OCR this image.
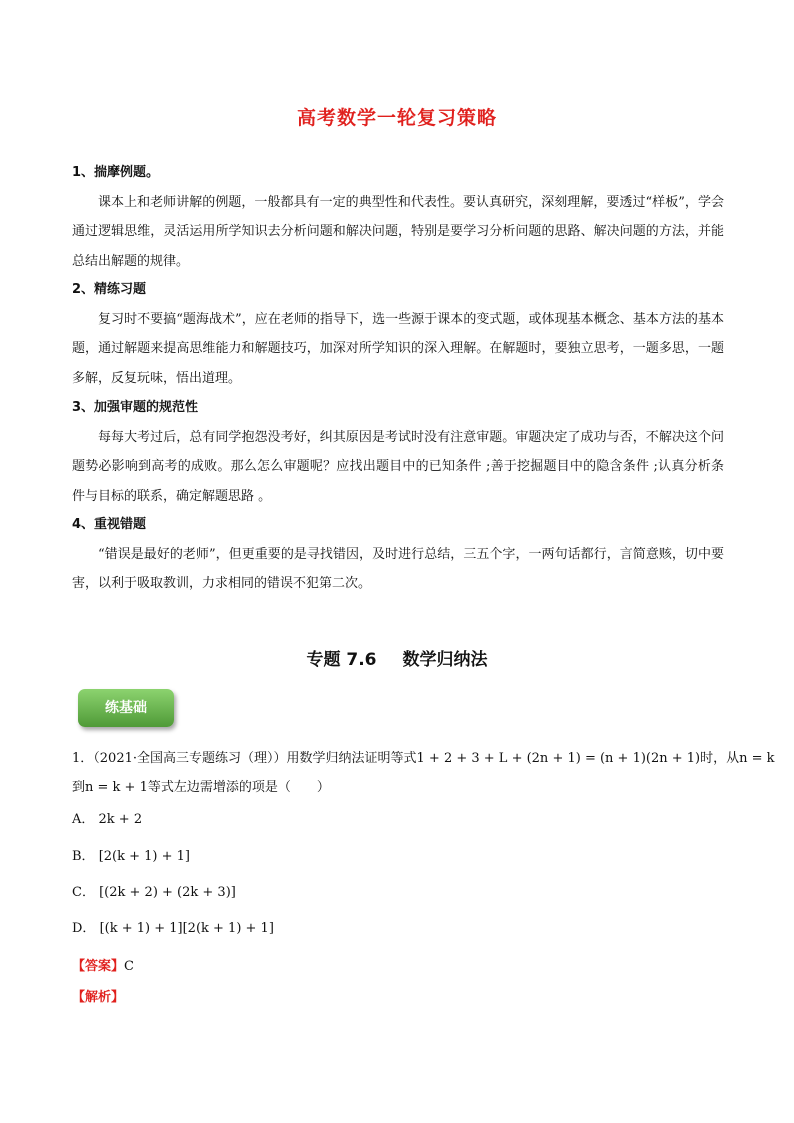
高考数学一轮复习策略
1、揣摩例题。
课本上和老师讲解的例题，一般都具有一定的典型性和代表性。要认真研究，深刻理解，要透过“样板”，学会通过逻辑思维，灵活运用所学知识去分析问题和解决问题，特别是要学习分析问题的思路、解决问题的方法，并能总结出解题的规律。
2、精练习题
复习时不要搞“题海战术”，应在老师的指导下，选一些源于课本的变式题，或体现基本概念、基本方法的基本题，通过解题来提高思维能力和解题技巧，加深对所学知识的深入理解。在解题时，要独立思考，一题多思，一题多解，反复玩味，悟出道理。
3、加强审题的规范性
每每大考过后，总有同学抱怨没考好，纠其原因是考试时没有注意审题。审题决定了成功与否，不解决这个问题势必影响到高考的成败。那么怎么审题呢？应找出题目中的已知条件 ;善于挖掘题目中的隐含条件 ;认真分析条件与目标的联系，确定解题思路 。
4、重视错题
“错误是最好的老师”，但更重要的是寻找错因，及时进行总结，三五个字，一两句话都行，言简意赅，切中要害，以利于吸取教训，力求相同的错误不犯第二次。
专题 7.6 数学归纳法
练基础
1．（2021·全国高三专题练习（理））用数学归纳法证明等式1 + 2 + 3 + L + (2n + 1) = (n + 1)(2n + 1)时，从n = k
到n = k + 1等式左边需增添的项是（　　）
A． 2k + 2
B． [2(k + 1) + 1]
C． [(2k + 2) + (2k + 3)]
D． [(k + 1) + 1][2(k + 1) + 1]
【答案】C
【解析】
